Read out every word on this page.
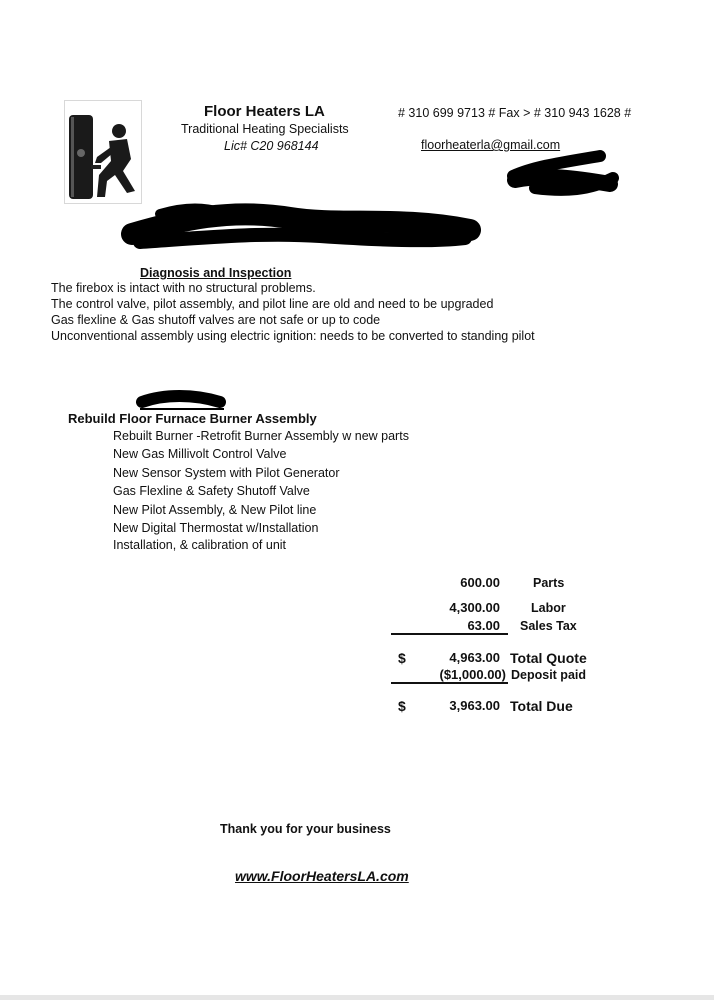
Floor Heaters LA
Traditional Heating Specialists
Lic# C20 968144
# 310 699 9713 # Fax > # 310 943 1628 #
floorheaterla@gmail.com
Diagnosis and Inspection
The firebox is intact with no structural problems.
The control valve, pilot assembly, and pilot line are old and need to be upgraded
Gas flexline & Gas shutoff valves are not safe or up to code
Unconventional assembly using electric ignition: needs to be converted to standing pilot
Rebuild Floor Furnace Burner Assembly
Rebuilt Burner -Retrofit Burner Assembly w new parts
New Gas Millivolt Control Valve
New Sensor System with Pilot Generator
Gas Flexline & Safety Shutoff Valve
New Pilot Assembly, & New Pilot line
New Digital Thermostat w/Installation
Installation, & calibration of unit
600.00	Parts
4,300.00 Labor
63.00 Sales Tax
$	4,963.00 Total Quote
($1,000.00) Deposit paid
$	3,963.00 Total Due
Thank you for your business
www.FloorHeatersLA.com
